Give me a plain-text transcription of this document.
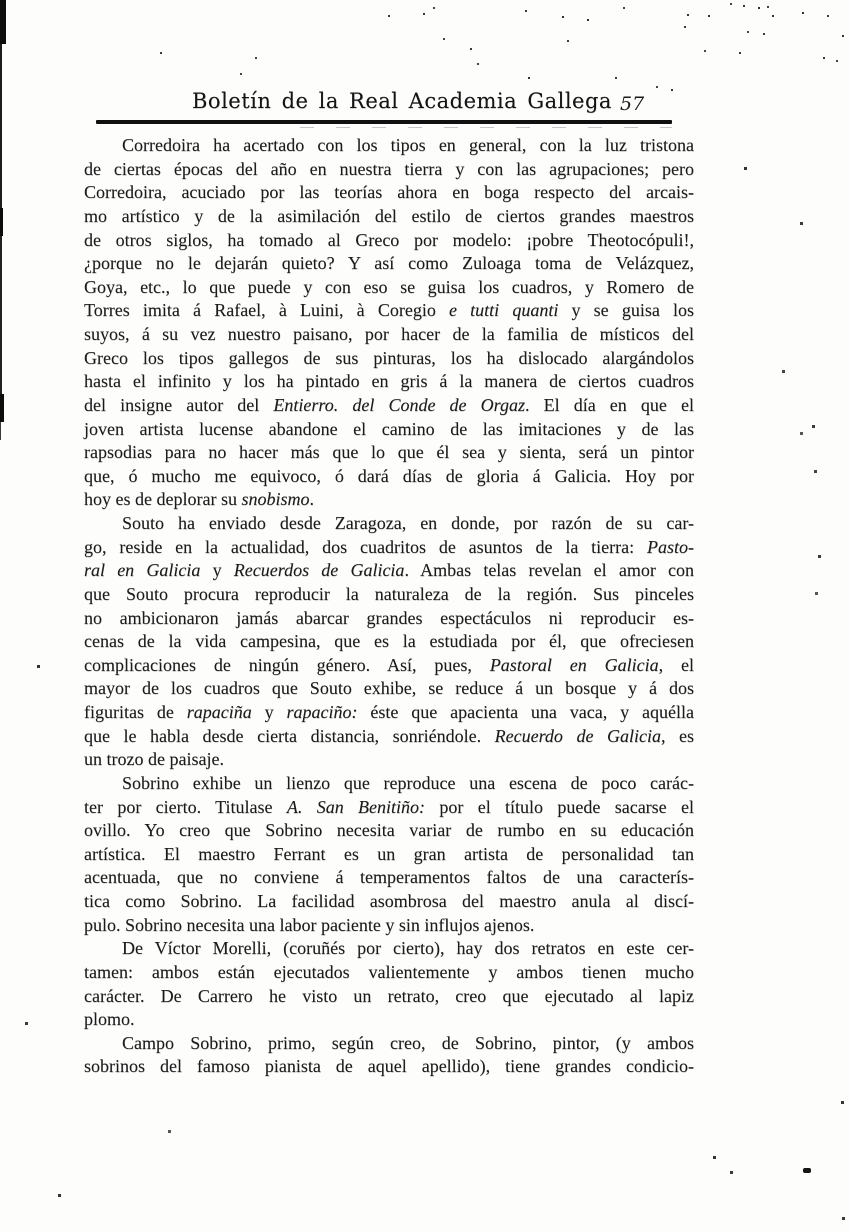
Boletín de la Real Academia Gallega 57
Corredoira ha acertado con los tipos en general, con la luz tristona
de ciertas épocas del año en nuestra tierra y con las agrupaciones; pero
Corredoira, acuciado por las teorías ahora en boga respecto del arcais-
mo artístico y de la asimilación del estilo de ciertos grandes maestros
de otros siglos, ha tomado al Greco por modelo: ¡pobre Theotocópuli!,
¿porque no le dejarán quieto? Y así como Zuloaga toma de Velázquez,
Goya, etc., lo que puede y con eso se guisa los cuadros, y Romero de
Torres imita á Rafael, à Luini, à Coregio e tutti quanti y se guisa los
suyos, á su vez nuestro paisano, por hacer de la familia de místicos del
Greco los tipos gallegos de sus pinturas, los ha dislocado alargándolos
hasta el infinito y los ha pintado en gris á la manera de ciertos cuadros
del insigne autor del Entierro. del Conde de Orgaz. El día en que el
joven artista lucense abandone el camino de las imitaciones y de las
rapsodias para no hacer más que lo que él sea y sienta, será un pintor
que, ó mucho me equivoco, ó dará días de gloria á Galicia. Hoy por
hoy es de deplorar su snobismo.
Souto ha enviado desde Zaragoza, en donde, por razón de su car-
go, reside en la actualidad, dos cuadritos de asuntos de la tierra: Pasto-
ral en Galicia y Recuerdos de Galicia. Ambas telas revelan el amor con
que Souto procura reproducir la naturaleza de la región. Sus pinceles
no ambicionaron jamás abarcar grandes espectáculos ni reproducir es-
cenas de la vida campesina, que es la estudiada por él, que ofreciesen
complicaciones de ningún género. Así, pues, Pastoral en Galicia, el
mayor de los cuadros que Souto exhibe, se reduce á un bosque y á dos
figuritas de rapaciña y rapaciño: éste que apacienta una vaca, y aquélla
que le habla desde cierta distancia, sonriéndole. Recuerdo de Galicia, es
un trozo de paisaje.
Sobrino exhibe un lienzo que reproduce una escena de poco carác-
ter por cierto. Titulase A. San Benitiño: por el título puede sacarse el
ovillo. Yo creo que Sobrino necesita variar de rumbo en su educación
artística. El maestro Ferrant es un gran artista de personalidad tan
acentuada, que no conviene á temperamentos faltos de una caracterís-
tica como Sobrino. La facilidad asombrosa del maestro anula al discí-
pulo. Sobrino necesita una labor paciente y sin influjos ajenos.
De Víctor Morelli, (coruñés por cierto), hay dos retratos en este cer-
tamen: ambos están ejecutados valientemente y ambos tienen mucho
carácter. De Carrero he visto un retrato, creo que ejecutado al lapiz
plomo.
Campo Sobrino, primo, según creo, de Sobrino, pintor, (y ambos
sobrinos del famoso pianista de aquel apellido), tiene grandes condicio-
